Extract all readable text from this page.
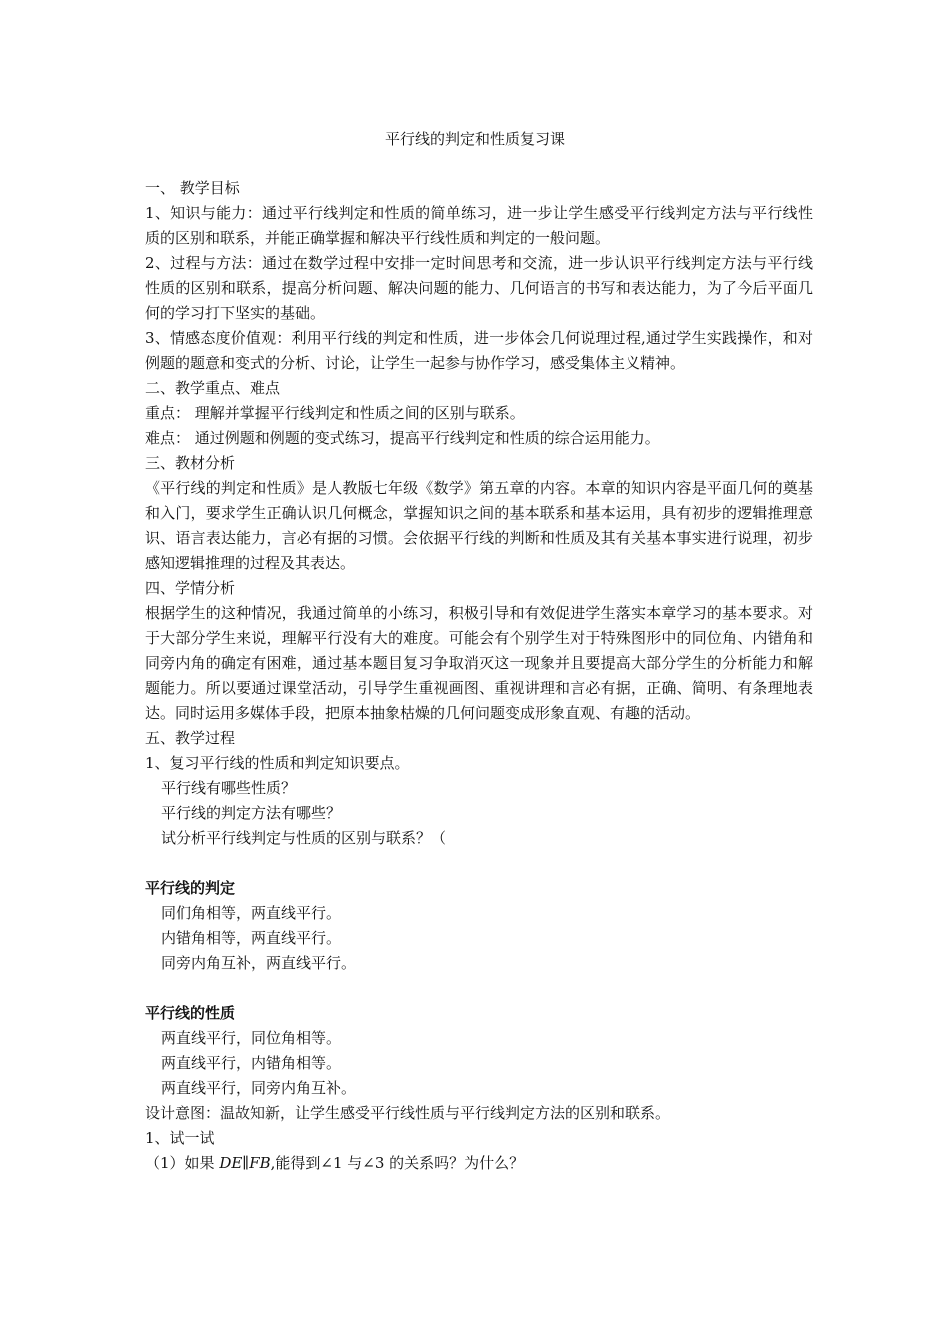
平行线的判定和性质复习课

一、 教学目标

1、知识与能力：通过平行线判定和性质的简单练习，进一步让学生感受平行线判定方法与平行线性质的区别和联系，并能正确掌握和解决平行线性质和判定的一般问题。

2、过程与方法：通过在数学过程中安排一定时间思考和交流，进一步认识平行线判定方法与平行线性质的区别和联系，提高分析问题、解决问题的能力、几何语言的书写和表达能力，为了今后平面几何的学习打下坚实的基础。

3、情感态度价值观：利用平行线的判定和性质，进一步体会几何说理过程,通过学生实践操作，和对例题的题意和变式的分析、讨论，让学生一起参与协作学习，感受集体主义精神。

二、教学重点、难点

重点： 理解并掌握平行线判定和性质之间的区别与联系。

难点： 通过例题和例题的变式练习，提高平行线判定和性质的综合运用能力。

三、教材分析

《平行线的判定和性质》是人教版七年级《数学》第五章的内容。本章的知识内容是平面几何的奠基和入门，要求学生正确认识几何概念，掌握知识之间的基本联系和基本运用，具有初步的逻辑推理意识、语言表达能力，言必有据的习惯。会依据平行线的判断和性质及其有关基本事实进行说理，初步感知逻辑推理的过程及其表达。

四、学情分析

根据学生的这种情况，我通过简单的小练习，积极引导和有效促进学生落实本章学习的基本要求。对于大部分学生来说，理解平行没有大的难度。可能会有个别学生对于特殊图形中的同位角、内错角和同旁内角的确定有困难，通过基本题目复习争取消灭这一现象并且要提高大部分学生的分析能力和解题能力。所以要通过课堂活动，引导学生重视画图、重视讲理和言必有据，正确、简明、有条理地表达。同时运用多媒体手段，把原本抽象枯燥的几何问题变成形象直观、有趣的活动。

五、教学过程

1、复习平行线的性质和判定知识要点。

平行线有哪些性质？

平行线的判定方法有哪些？

试分析平行线判定与性质的区别与联系？（

平行线的判定

同们角相等，两直线平行。

内错角相等，两直线平行。

同旁内角互补，两直线平行。

平行线的性质

两直线平行，同位角相等。

两直线平行，内错角相等。

两直线平行，同旁内角互补。

设计意图：温故知新，让学生感受平行线性质与平行线判定方法的区别和联系。

1、试一试

（1）如果 DE∥FB,能得到∠1 与∠3 的关系吗？为什么？
